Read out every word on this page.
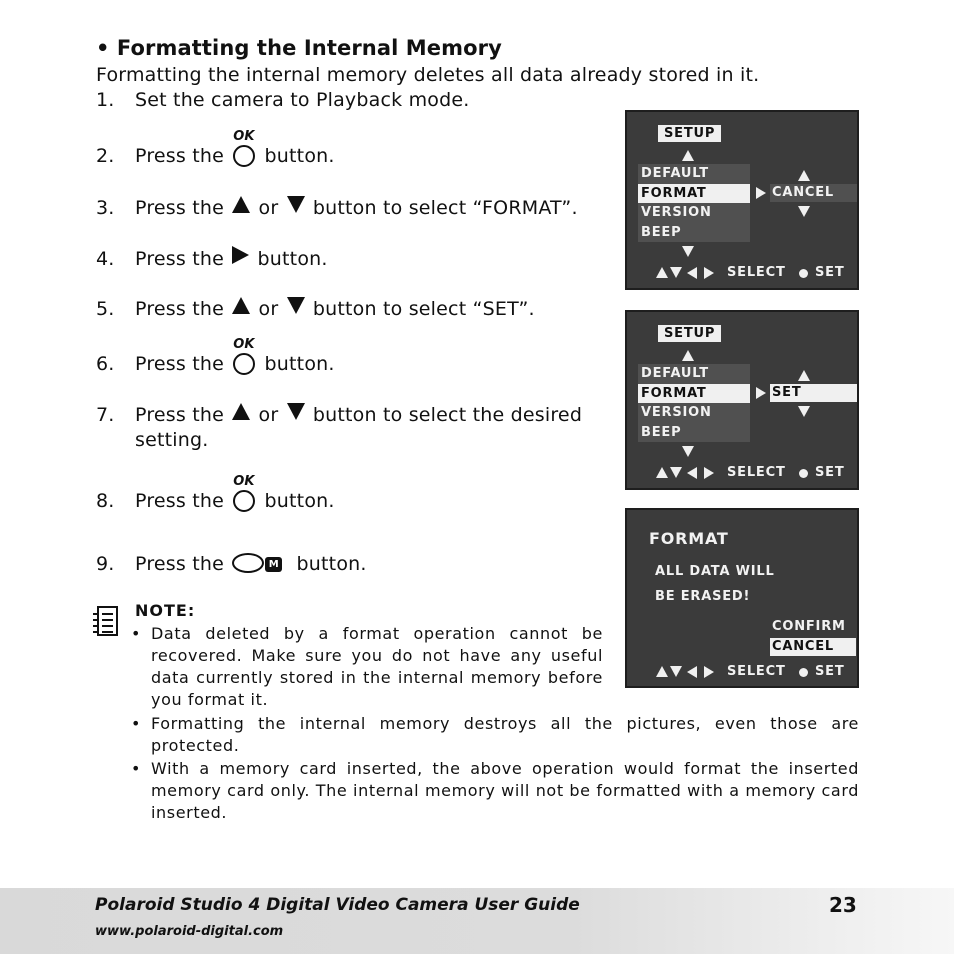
• Formatting the Internal Memory
Formatting the internal memory deletes all data already stored in it.
1. Set the camera to Playback mode.
2. Press the
OK
button.
3. Press the or button to select “FORMAT”.
4. Press the button.
5. Press the or button to select “SET”.
6. Press the
OK
button.
7. Press the or button to select the desired
setting.
8. Press the
OK
button.
9. Press the	M button.
NOTE:
• Data deleted by a format operation cannot be recovered. Make sure you do not have any useful data currently stored in the internal memory before you format it.

• Formatting the internal memory destroys all the pictures, even those are protected.

• With a memory card inserted, the above operation would format the inserted memory card only. The internal memory will not be formatted with a memory card inserted.

SETUP
DEFAULT
FORMAT
VERSION
BEEP
CANCEL
SELECT SET
SETUP
DEFAULT
FORMAT
VERSION
BEEP
SET
SELECT SET
FORMAT
ALL DATA WILL
BE ERASED!
CONFIRM
CANCEL
SELECT SET
Polaroid Studio 4 Digital Video Camera User Guide	23
www.polaroid-digital.com
